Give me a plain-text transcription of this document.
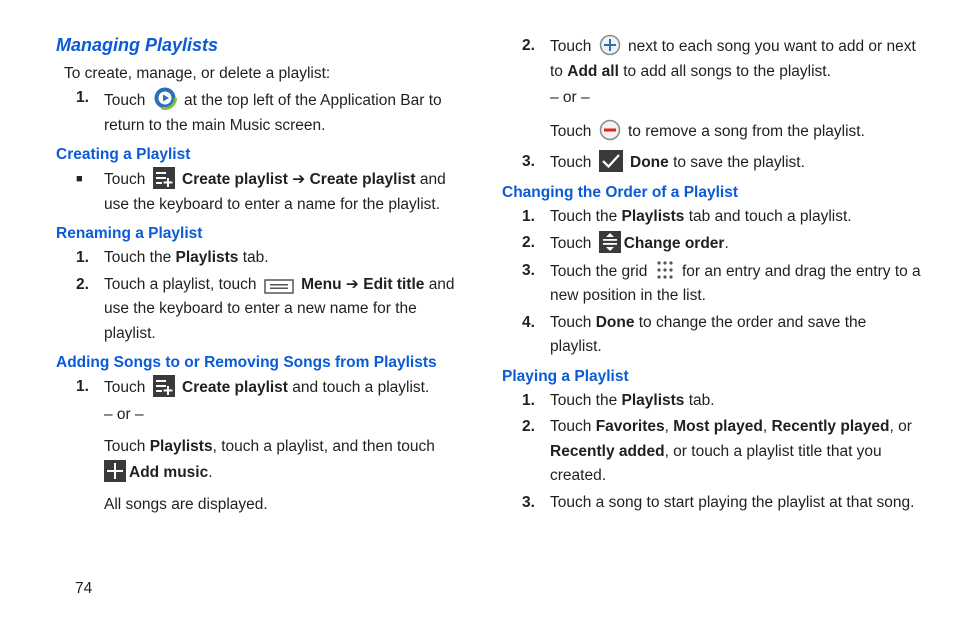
Managing Playlists
To create, manage, or delete a playlist:
1. Touch at the top left of the Application Bar to return to the main Music screen.
Creating a Playlist
■	Touch Create playlist ➔ Create playlist and use the keyboard to enter a name for the playlist.
Renaming a Playlist
1. Touch the Playlists tab.
2. Touch a playlist, touch	Menu ➔ Edit title and use the keyboard to enter a new name for the playlist.
Adding Songs to or Removing Songs from Playlists
1. Touch Create playlist and touch a playlist.
– or –
Touch Playlists, touch a playlist, and then touch

Add music.
All songs are displayed.
2. Touch next to each song you want to add or next to Add all to add all songs to the playlist.
– or –
Touch to remove a song from the playlist.
3. Touch Done to save the playlist.
Changing the Order of a Playlist
1. Touch the Playlists tab and touch a playlist.
2. Touch Change order.
3. Touch the grid for an entry and drag the entry to a new position in the list.
4. Touch Done to change the order and save the playlist.
Playing a Playlist
1. Touch the Playlists tab.
2. Touch Favorites, Most played, Recently played, or Recently added, or touch a playlist title that you created.
3. Touch a song to start playing the playlist at that song.
74
